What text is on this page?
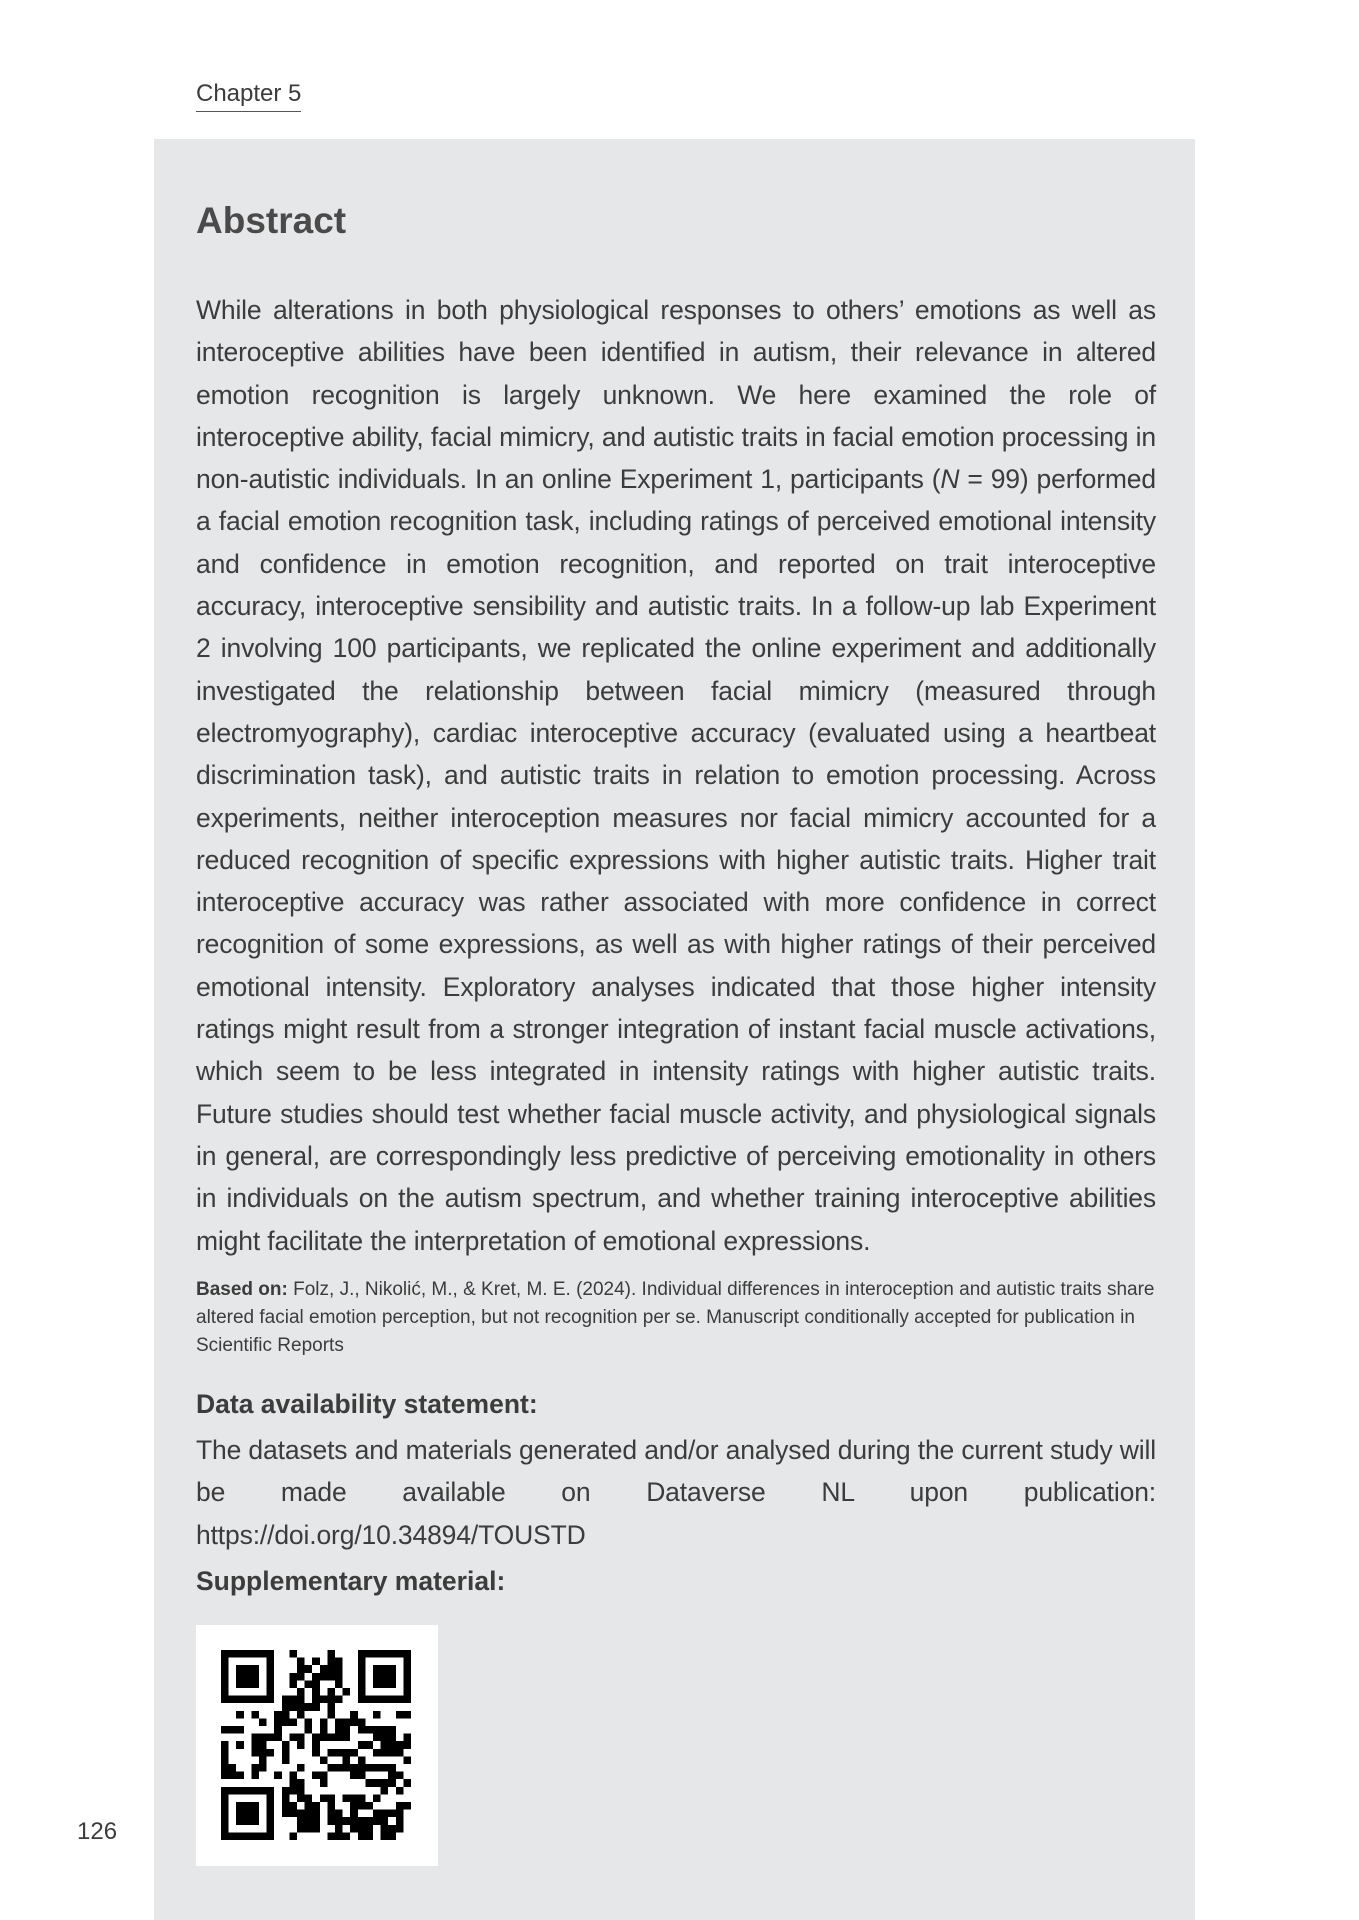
Chapter 5
Abstract

While alterations in both physiological responses to others’ emotions as well as interoceptive abilities have been identified in autism, their relevance in altered emotion recognition is largely unknown. We here examined the role of interoceptive ability, facial mimicry, and autistic traits in facial emotion processing in non-autistic individuals. In an online Experiment 1, participants (N = 99) performed a facial emotion recognition task, including ratings of perceived emotional intensity and confidence in emotion recognition, and reported on trait interoceptive accuracy, interoceptive sensibility and autistic traits. In a follow-up lab Experiment 2 involving 100 participants, we replicated the online experiment and additionally investigated the relationship between facial mimicry (measured through electromyography), cardiac interoceptive accuracy (evaluated using a heartbeat discrimination task), and autistic traits in relation to emotion processing. Across experiments, neither interoception measures nor facial mimicry accounted for a reduced recognition of specific expressions with higher autistic traits. Higher trait interoceptive accuracy was rather associated with more confidence in correct recognition of some expressions, as well as with higher ratings of their perceived emotional intensity. Exploratory analyses indicated that those higher intensity ratings might result from a stronger integration of instant facial muscle activations, which seem to be less integrated in intensity ratings with higher autistic traits. Future studies should test whether facial muscle activity, and physiological signals in general, are correspondingly less predictive of perceiving emotionality in others in individuals on the autism spectrum, and whether training interoceptive abilities might facilitate the interpretation of emotional expressions.

Based on: Folz, J., Nikolić, M., & Kret, M. E. (2024). Individual differences in interoception and autistic traits share altered facial emotion perception, but not recognition per se. Manuscript conditionally accepted for publication in Scientific Reports

Data availability statement:

The datasets and materials generated and/or analysed during the current study will be made available on Dataverse NL upon publication: https://doi.org/10.34894/TOUSTD

Supplementary material:
126
